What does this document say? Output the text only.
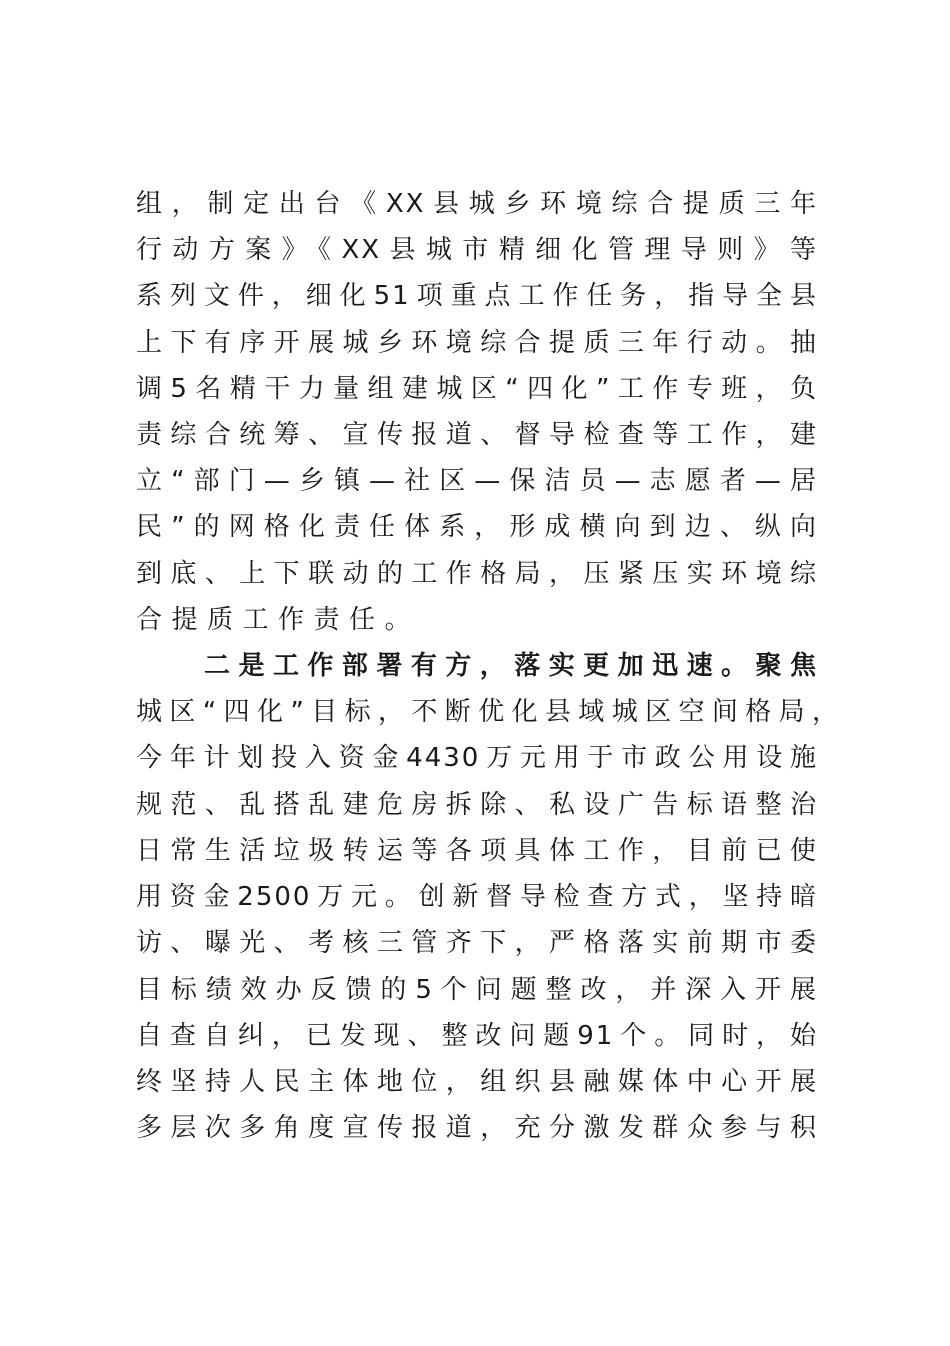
组，制定出台《XX县城乡环境综合提质三年
行动方案》《XX县城市精细化管理导则》等
系列文件，细化51项重点工作任务，指导全县
上下有序开展城乡环境综合提质三年行动。抽
调5名精干力量组建城区“四化”工作专班，负
责综合统筹、宣传报道、督导检查等工作，建
立“部门—乡镇—社区—保洁员—志愿者—居
民”的网格化责任体系，形成横向到边、纵向
到底、上下联动的工作格局，压紧压实环境综
合提质工作责任。
二是工作部署有方，落实更加迅速。聚焦
城区“四化”目标，不断优化县域城区空间格局，
今年计划投入资金4430万元用于市政公用设施
规范、乱搭乱建危房拆除、私设广告标语整治
日常生活垃圾转运等各项具体工作，目前已使
用资金2500万元。创新督导检查方式，坚持暗
访、曝光、考核三管齐下，严格落实前期市委
目标绩效办反馈的5个问题整改，并深入开展
自查自纠，已发现、整改问题91个。同时，始
终坚持人民主体地位，组织县融媒体中心开展
多层次多角度宣传报道，充分激发群众参与积
